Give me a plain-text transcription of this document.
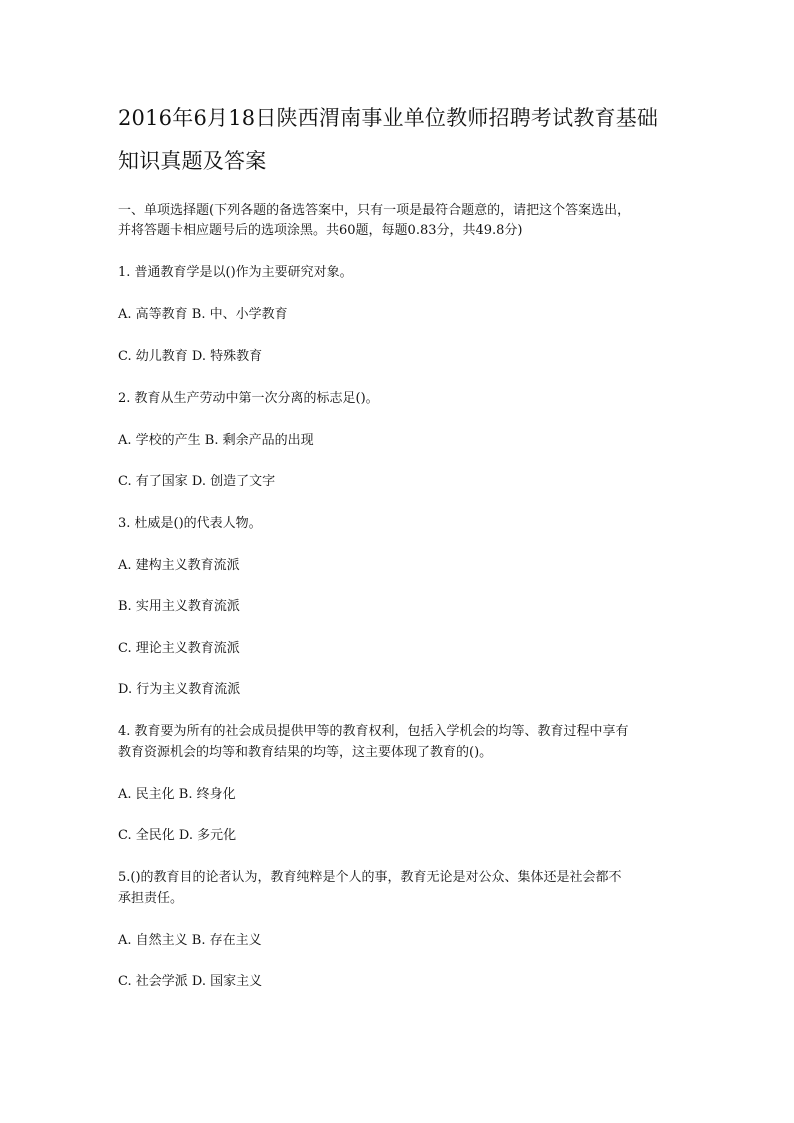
2016年6月18日陕西渭南事业单位教师招聘考试教育基础
知识真题及答案
一、单项选择题(下列各题的备选答案中，只有一项是最符合题意的，请把这个答案选出，
并将答题卡相应题号后的选项涂黑。共60题，每题0.83分，共49.8分)
1. 普通教育学是以()作为主要研究对象。
A. 高等教育 B. 中、小学教育
C. 幼儿教育 D. 特殊教育
2. 教育从生产劳动中第一次分离的标志足()。
A. 学校的产生 B. 剩余产品的出现
C. 有了国家 D. 创造了文字
3. 杜威是()的代表人物。
A. 建构主义教育流派
B. 实用主义教育流派
C. 理论主义教育流派
D. 行为主义教育流派
4. 教育要为所有的社会成员提供甲等的教育权利，包括入学机会的均等、教育过程中享有
教育资源机会的均等和教育结果的均等，这主要体现了教育的()。
A. 民主化 B. 终身化
C. 全民化 D. 多元化
5.()的教育目的论者认为，教育纯粹是个人的事，教育无论是对公众、集体还是社会都不
承担责任。
A. 自然主义 B. 存在主义
C. 社会学派 D. 国家主义
